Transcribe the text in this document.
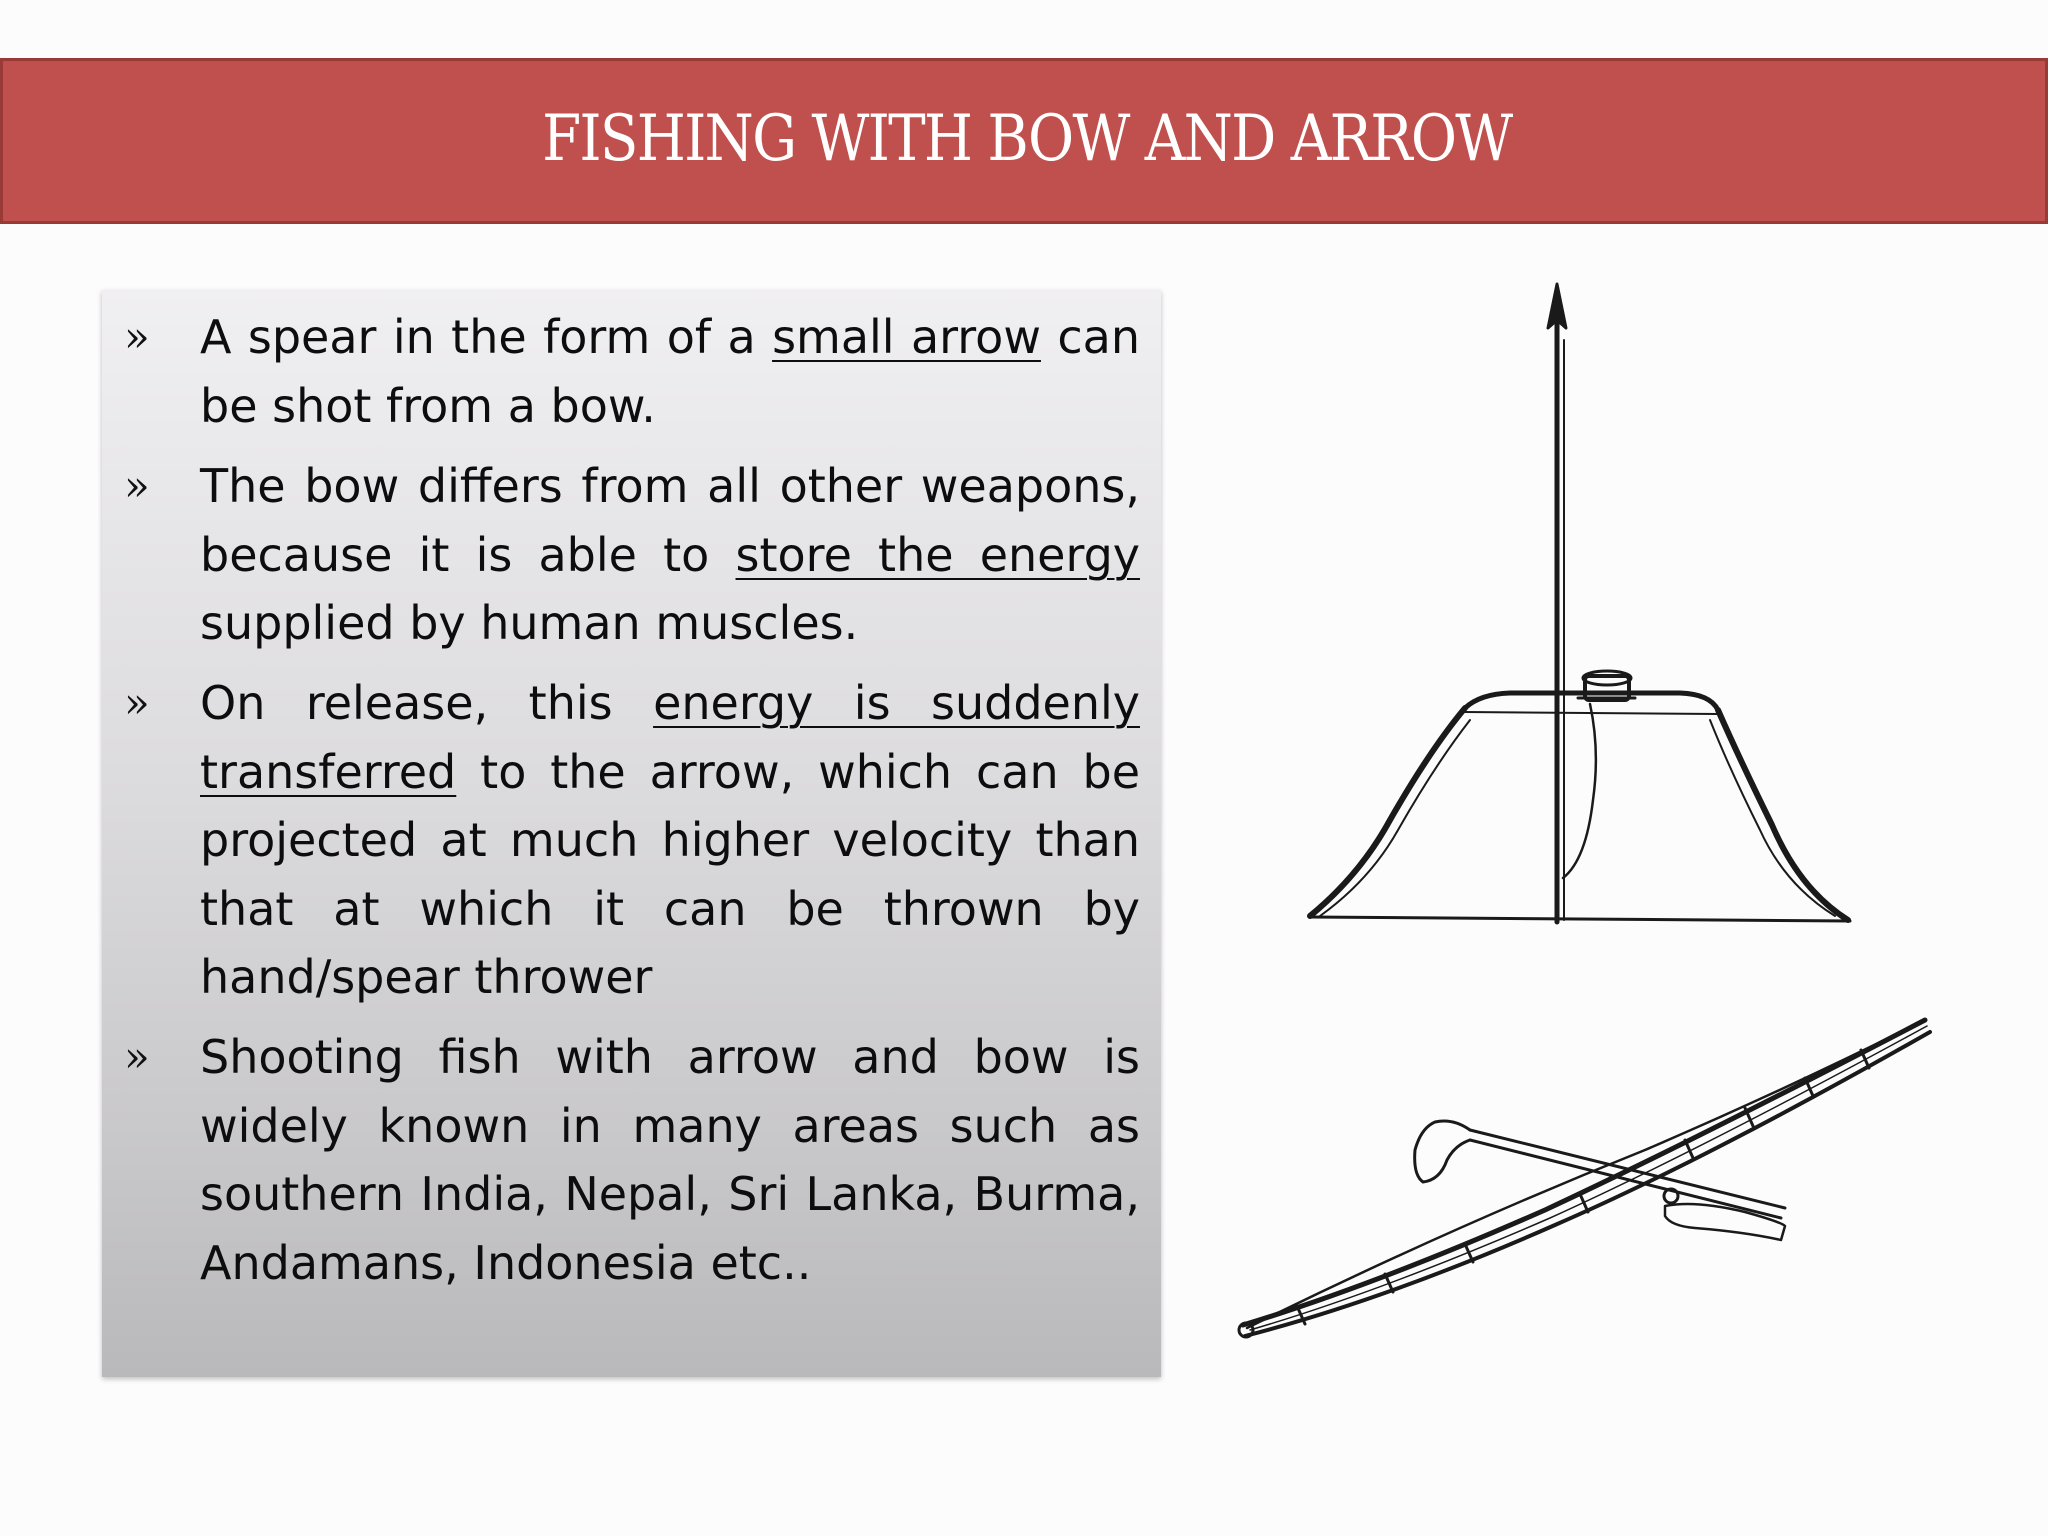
FISHING WITH BOW AND ARROW
» A spear in the form of a small arrow can be shot from a bow.
» The bow differs from all other weapons, because it is able to store the energy supplied by human muscles.
» On release, this energy is suddenly transferred to the arrow, which can be projected at much higher velocity than that at which it can be thrown by hand/spear thrower
» Shooting fish with arrow and bow is widely known in many areas such as southern India, Nepal, Sri Lanka, Burma, Andamans, Indonesia etc..
